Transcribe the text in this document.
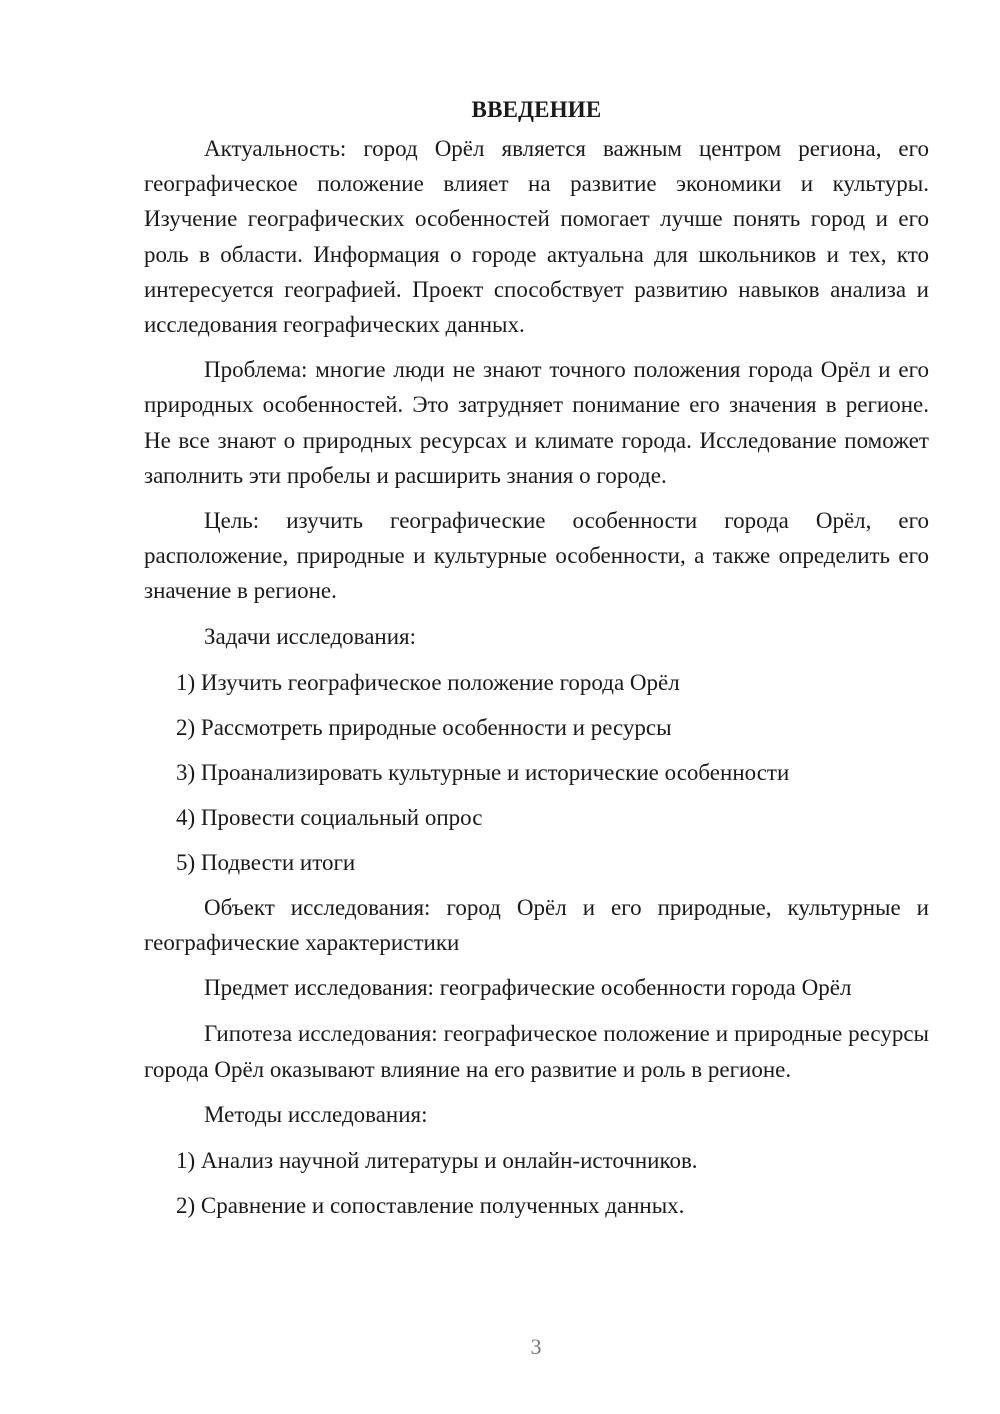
ВВЕДЕНИЕ

Актуальность: город Орёл является важным центром региона, его географическое положение влияет на развитие экономики и культуры. Изучение географических особенностей помогает лучше понять город и его роль в области. Информация о городе актуальна для школьников и тех, кто интересуется географией. Проект способствует развитию навыков анализа и исследования географических данных.

Проблема: многие люди не знают точного положения города Орёл и его природных особенностей. Это затрудняет понимание его значения в регионе. Не все знают о природных ресурсах и климате города. Исследование поможет заполнить эти пробелы и расширить знания о городе.

Цель: изучить географические особенности города Орёл, его расположение, природные и культурные особенности, а также определить его значение в регионе.

Задачи исследования:

1) Изучить географическое положение города Орёл
2) Рассмотреть природные особенности и ресурсы
3) Проанализировать культурные и исторические особенности
4) Провести социальный опрос
5) Подвести итоги

Объект исследования: город Орёл и его природные, культурные и географические характеристики

Предмет исследования: географические особенности города Орёл

Гипотеза исследования: географическое положение и природные ресурсы города Орёл оказывают влияние на его развитие и роль в регионе.

Методы исследования:

1) Анализ научной литературы и онлайн-источников.
2) Сравнение и сопоставление полученных данных.
3
